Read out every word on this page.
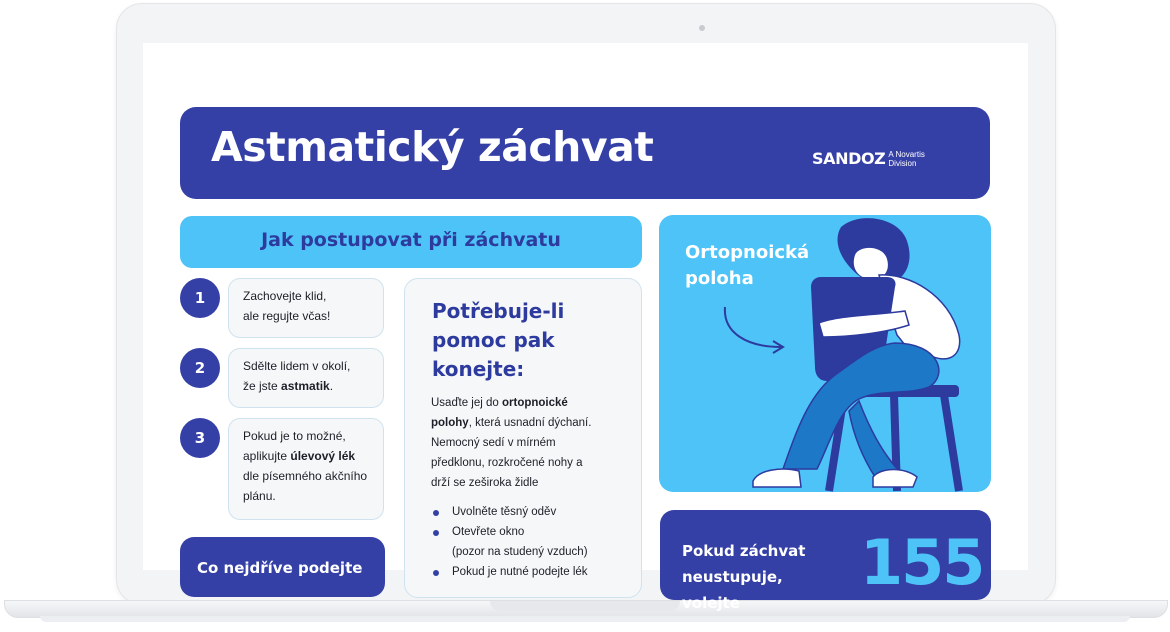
Astmatický záchvat	SANDOZ A Novartis
Division
Jak postupovat při záchvatu
1	Zachovejte klid,
ale regujte včas!
2	Sdělte lidem v okolí,
že jste astmatik.
3	Pokud je to možné,
aplikujte úlevový lék
dle písemného akčního
plánu.
Potřebuje-li pomoc pak konejte:
Usaďte jej do ortopnoické
polohy, která usnadní dýchaní.
Nemocný sedí v mírném
předklonu, rozkročené nohy a
drží se zeširoka židle
Uvolněte těsný oděv
Otevřete okno
(pozor na studený vzduch)
Pokud je nutné podejte lék
Co nejdříve podejte
Ortopnoická
poloha
Pokud záchvat neustupuje, volejte
155
